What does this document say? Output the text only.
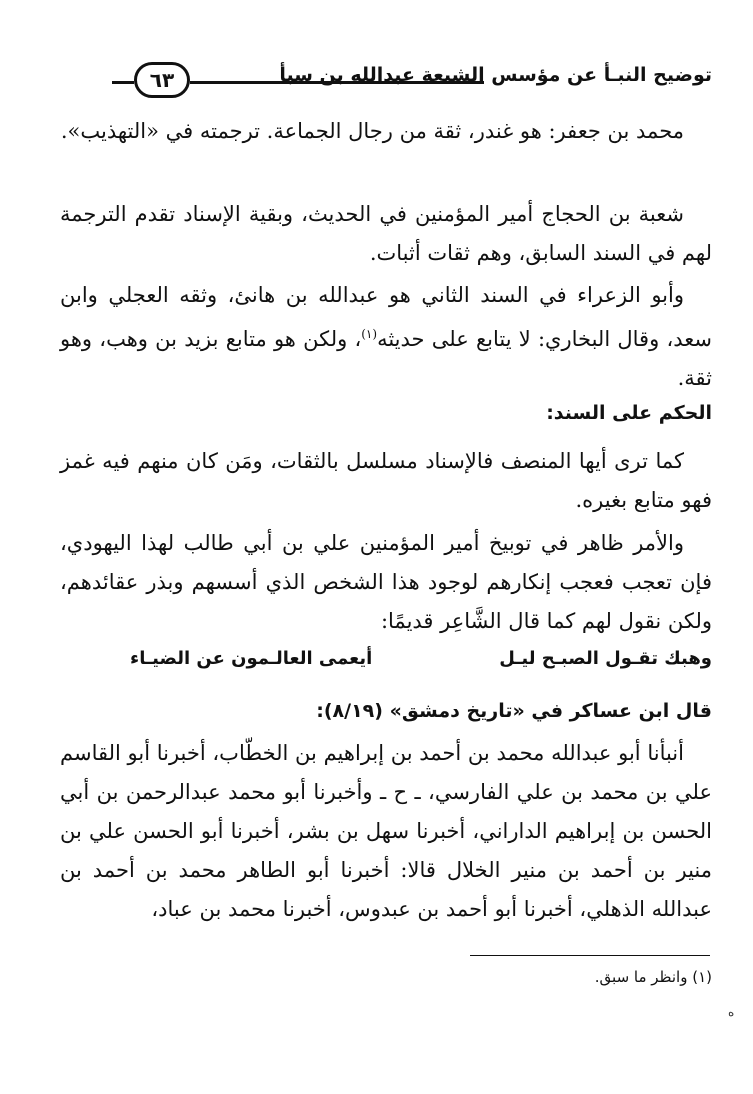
توضيح النبـأ عن مؤسس الشيعة عبدالله بن سبأ
٦٣
محمد بن جعفر: هو غندر، ثقة من رجال الجماعة. ترجمته في «التهذيب».
شعبة بن الحجاج أمير المؤمنين في الحديث، وبقية الإسناد تقدم الترجمة لهم في السند السابق، وهم ثقات أثبات.
وأبو الزعراء في السند الثاني هو عبدالله بن هانئ، وثقه العجلي وابن سعد، وقال البخاري: لا يتابع على حديثه$^{(١)}$، ولكن هو متابع بزيد بن وهب، وهو ثقة.
الحكم على السند:
كما ترى أيها المنصف فالإسناد مسلسل بالثقات، ومَن كان منهم فيه غمز فهو متابع بغيره.
والأمر ظاهر في توبيخ أمير المؤمنين علي بن أبي طالب لهذا اليهودي، فإن تعجب فعجب إنكارهم لوجود هذا الشخص الذي أسسهم وبذر عقائدهم، ولكن نقول لهم كما قال الشَّاعِر قديمًا:
وهبك تقـول الصبـح ليـل
أيعمى العالـمون عن الضيـاء
قال ابن عساكر في «تاريخ دمشق» (٨/١٩):
أنبأنا أبو عبدالله محمد بن أحمد بن إبراهيم بن الخطّاب، أخبرنا أبو القاسم علي بن محمد بن علي الفارسي، ـ ح ـ وأخبرنا أبو محمد عبدالرحمن بن أبي الحسن بن إبراهيم الداراني، أخبرنا سهل بن بشر، أخبرنا أبو الحسن علي بن منير بن أحمد بن منير الخلال قالا: أخبرنا أبو الطاهر محمد بن أحمد بن عبدالله الذهلي، أخبرنا أبو أحمد بن عبدوس، أخبرنا محمد بن عباد،
(١) وانظر ما سبق.
ه
